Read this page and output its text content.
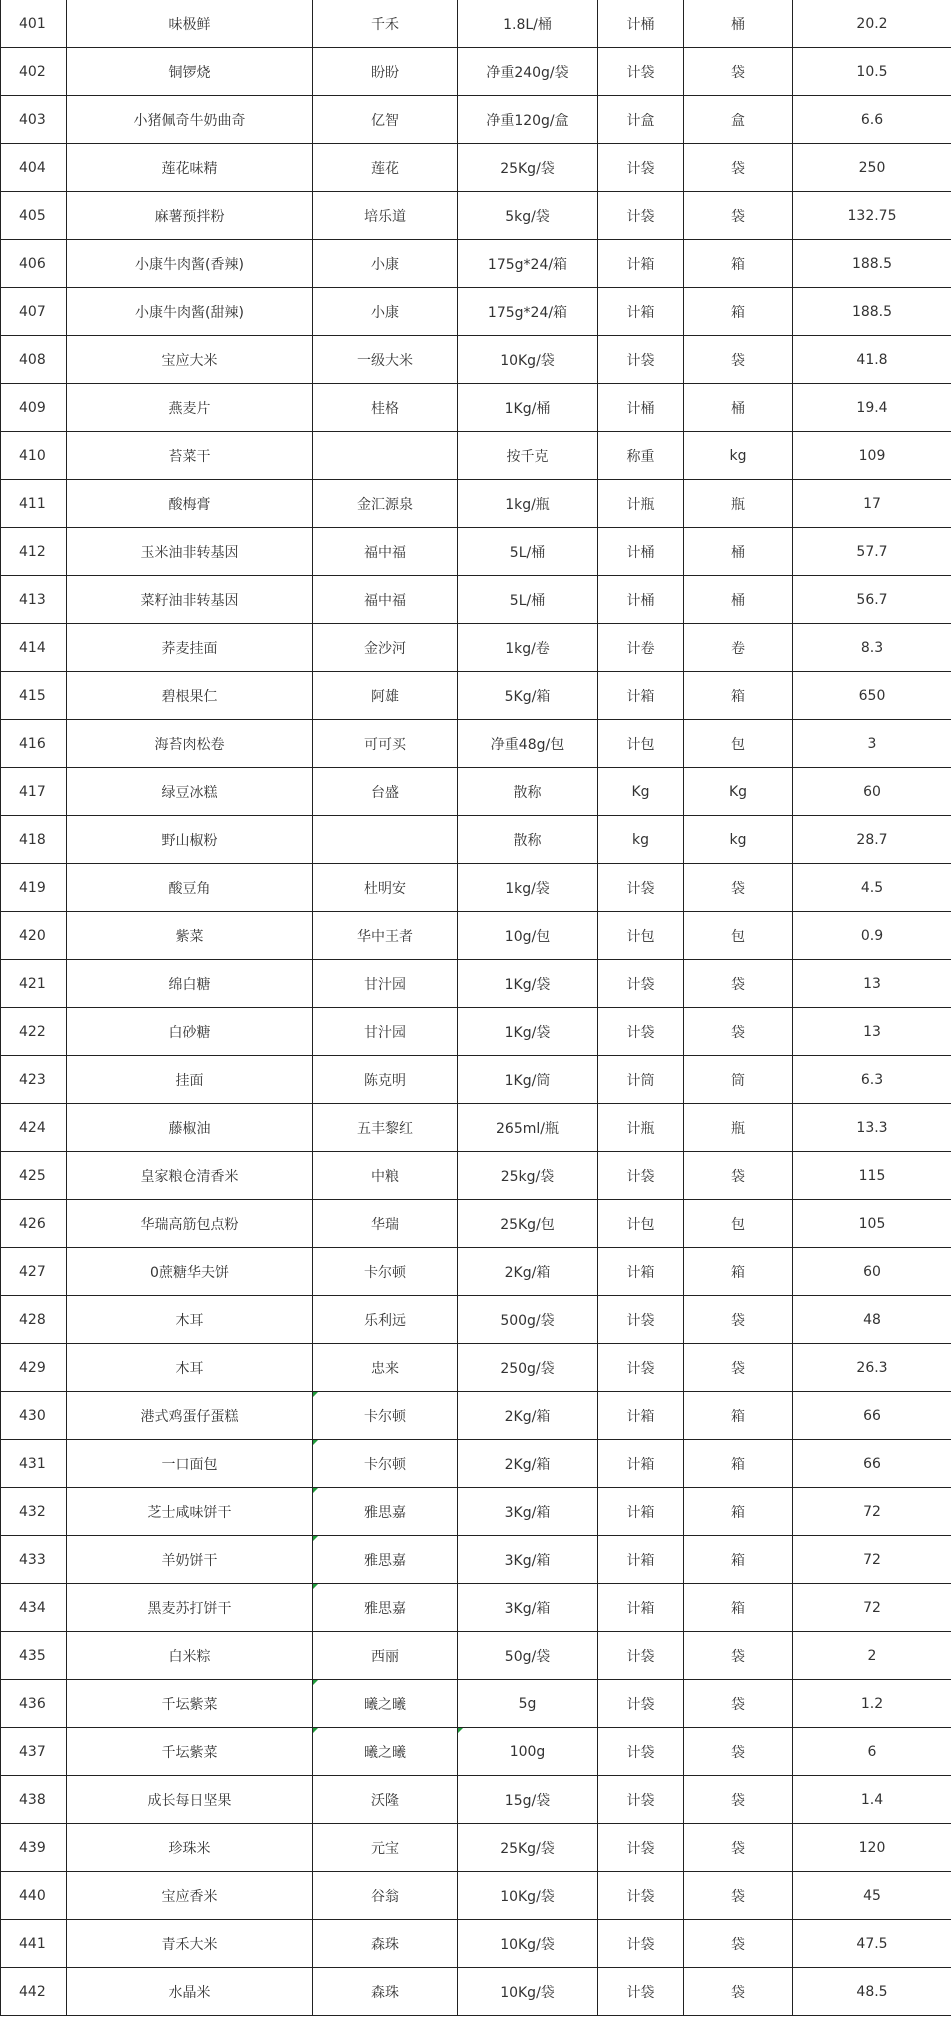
401	味极鲜	千禾	1.8L/桶	计桶	桶	20.2
402	铜锣烧	盼盼	净重240g/袋	计袋	袋	10.5
403	小猪佩奇牛奶曲奇	亿智	净重120g/盒	计盒	盒	6.6
404	莲花味精	莲花	25Kg/袋	计袋	袋	250
405	麻薯预拌粉	培乐道	5kg/袋	计袋	袋	132.75
406	小康牛肉酱(香辣)	小康	175g*24/箱	计箱	箱	188.5
407	小康牛肉酱(甜辣)	小康	175g*24/箱	计箱	箱	188.5
408	宝应大米	一级大米	10Kg/袋	计袋	袋	41.8
409	燕麦片	桂格	1Kg/桶	计桶	桶	19.4
410	苔菜干		按千克	称重	kg	109
411	酸梅膏	金汇源泉	1kg/瓶	计瓶	瓶	17
412	玉米油非转基因	福中福	5L/桶	计桶	桶	57.7
413	菜籽油非转基因	福中福	5L/桶	计桶	桶	56.7
414	荞麦挂面	金沙河	1kg/卷	计卷	卷	8.3
415	碧根果仁	阿雄	5Kg/箱	计箱	箱	650
416	海苔肉松卷	可可买	净重48g/包	计包	包	3
417	绿豆冰糕	台盛	散称	Kg	Kg	60
418	野山椒粉		散称	kg	kg	28.7
419	酸豆角	杜明安	1kg/袋	计袋	袋	4.5
420	紫菜	华中王者	10g/包	计包	包	0.9
421	绵白糖	甘汁园	1Kg/袋	计袋	袋	13
422	白砂糖	甘汁园	1Kg/袋	计袋	袋	13
423	挂面	陈克明	1Kg/筒	计筒	筒	6.3
424	藤椒油	五丰黎红	265ml/瓶	计瓶	瓶	13.3
425	皇家粮仓清香米	中粮	25kg/袋	计袋	袋	115
426	华瑞高筋包点粉	华瑞	25Kg/包	计包	包	105
427	0蔗糖华夫饼	卡尔顿	2Kg/箱	计箱	箱	60
428	木耳	乐利远	500g/袋	计袋	袋	48
429	木耳	忠来	250g/袋	计袋	袋	26.3
430	港式鸡蛋仔蛋糕	卡尔顿	2Kg/箱	计箱	箱	66
431	一口面包	卡尔顿	2Kg/箱	计箱	箱	66
432	芝士咸味饼干	雅思嘉	3Kg/箱	计箱	箱	72
433	羊奶饼干	雅思嘉	3Kg/箱	计箱	箱	72
434	黑麦苏打饼干	雅思嘉	3Kg/箱	计箱	箱	72
435	白米粽	西丽	50g/袋	计袋	袋	2
436	千坛紫菜	曦之曦	5g	计袋	袋	1.2
437	千坛紫菜	曦之曦	100g	计袋	袋	6
438	成长每日坚果	沃隆	15g/袋	计袋	袋	1.4
439	珍珠米	元宝	25Kg/袋	计袋	袋	120
440	宝应香米	谷翁	10Kg/袋	计袋	袋	45
441	青禾大米	森珠	10Kg/袋	计袋	袋	47.5
442	水晶米	森珠	10Kg/袋	计袋	袋	48.5
